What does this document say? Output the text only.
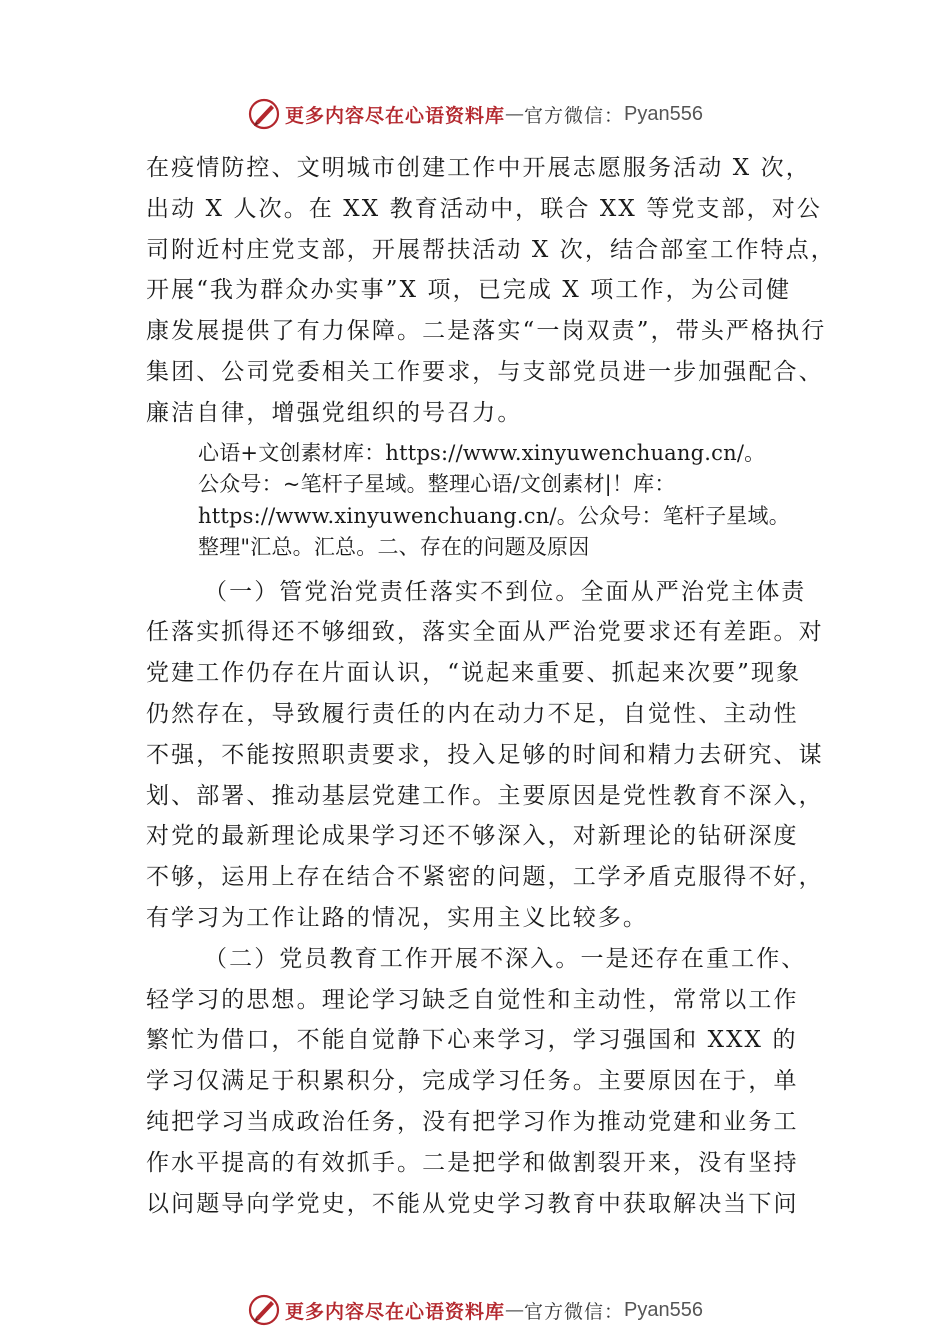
更多内容尽在心语资料库 — 官方微信： Pyan556
在疫情防控、文明城市创建工作中开展志愿服务活动 X 次，
出动 X 人次。在 XX 教育活动中，联合 XX 等党支部，对公
司附近村庄党支部，开展帮扶活动 X 次，结合部室工作特点，
开展“我为群众办实事”X 项，已完成 X 项工作，为公司健
康发展提供了有力保障。二是落实“一岗双责”，带头严格执行
集团、公司党委相关工作要求，与支部党员进一步加强配合、
廉洁自律，增强党组织的号召力。
心语+文创素材库：https://www.xinyuwenchuang.cn/。
公众号：~笔杆子星域。整理心语/文创素材|！库：
https://www.xinyuwenchuang.cn/。公众号：笔杆子星域。
整理"汇总。汇总。二、存在的问题及原因
（一）管党治党责任落实不到位。全面从严治党主体责
任落实抓得还不够细致，落实全面从严治党要求还有差距。对
党建工作仍存在片面认识，“说起来重要、抓起来次要”现象
仍然存在，导致履行责任的内在动力不足，自觉性、主动性
不强，不能按照职责要求，投入足够的时间和精力去研究、谋
划、部署、推动基层党建工作。主要原因是党性教育不深入，
对党的最新理论成果学习还不够深入，对新理论的钻研深度
不够，运用上存在结合不紧密的问题，工学矛盾克服得不好，
有学习为工作让路的情况，实用主义比较多。
（二）党员教育工作开展不深入。一是还存在重工作、
轻学习的思想。理论学习缺乏自觉性和主动性，常常以工作
繁忙为借口，不能自觉静下心来学习，学习强国和 XXX 的
学习仅满足于积累积分，完成学习任务。主要原因在于，单
纯把学习当成政治任务，没有把学习作为推动党建和业务工
作水平提高的有效抓手。二是把学和做割裂开来，没有坚持
以问题导向学党史，不能从党史学习教育中获取解决当下问
更多内容尽在心语资料库 — 官方微信： Pyan556
